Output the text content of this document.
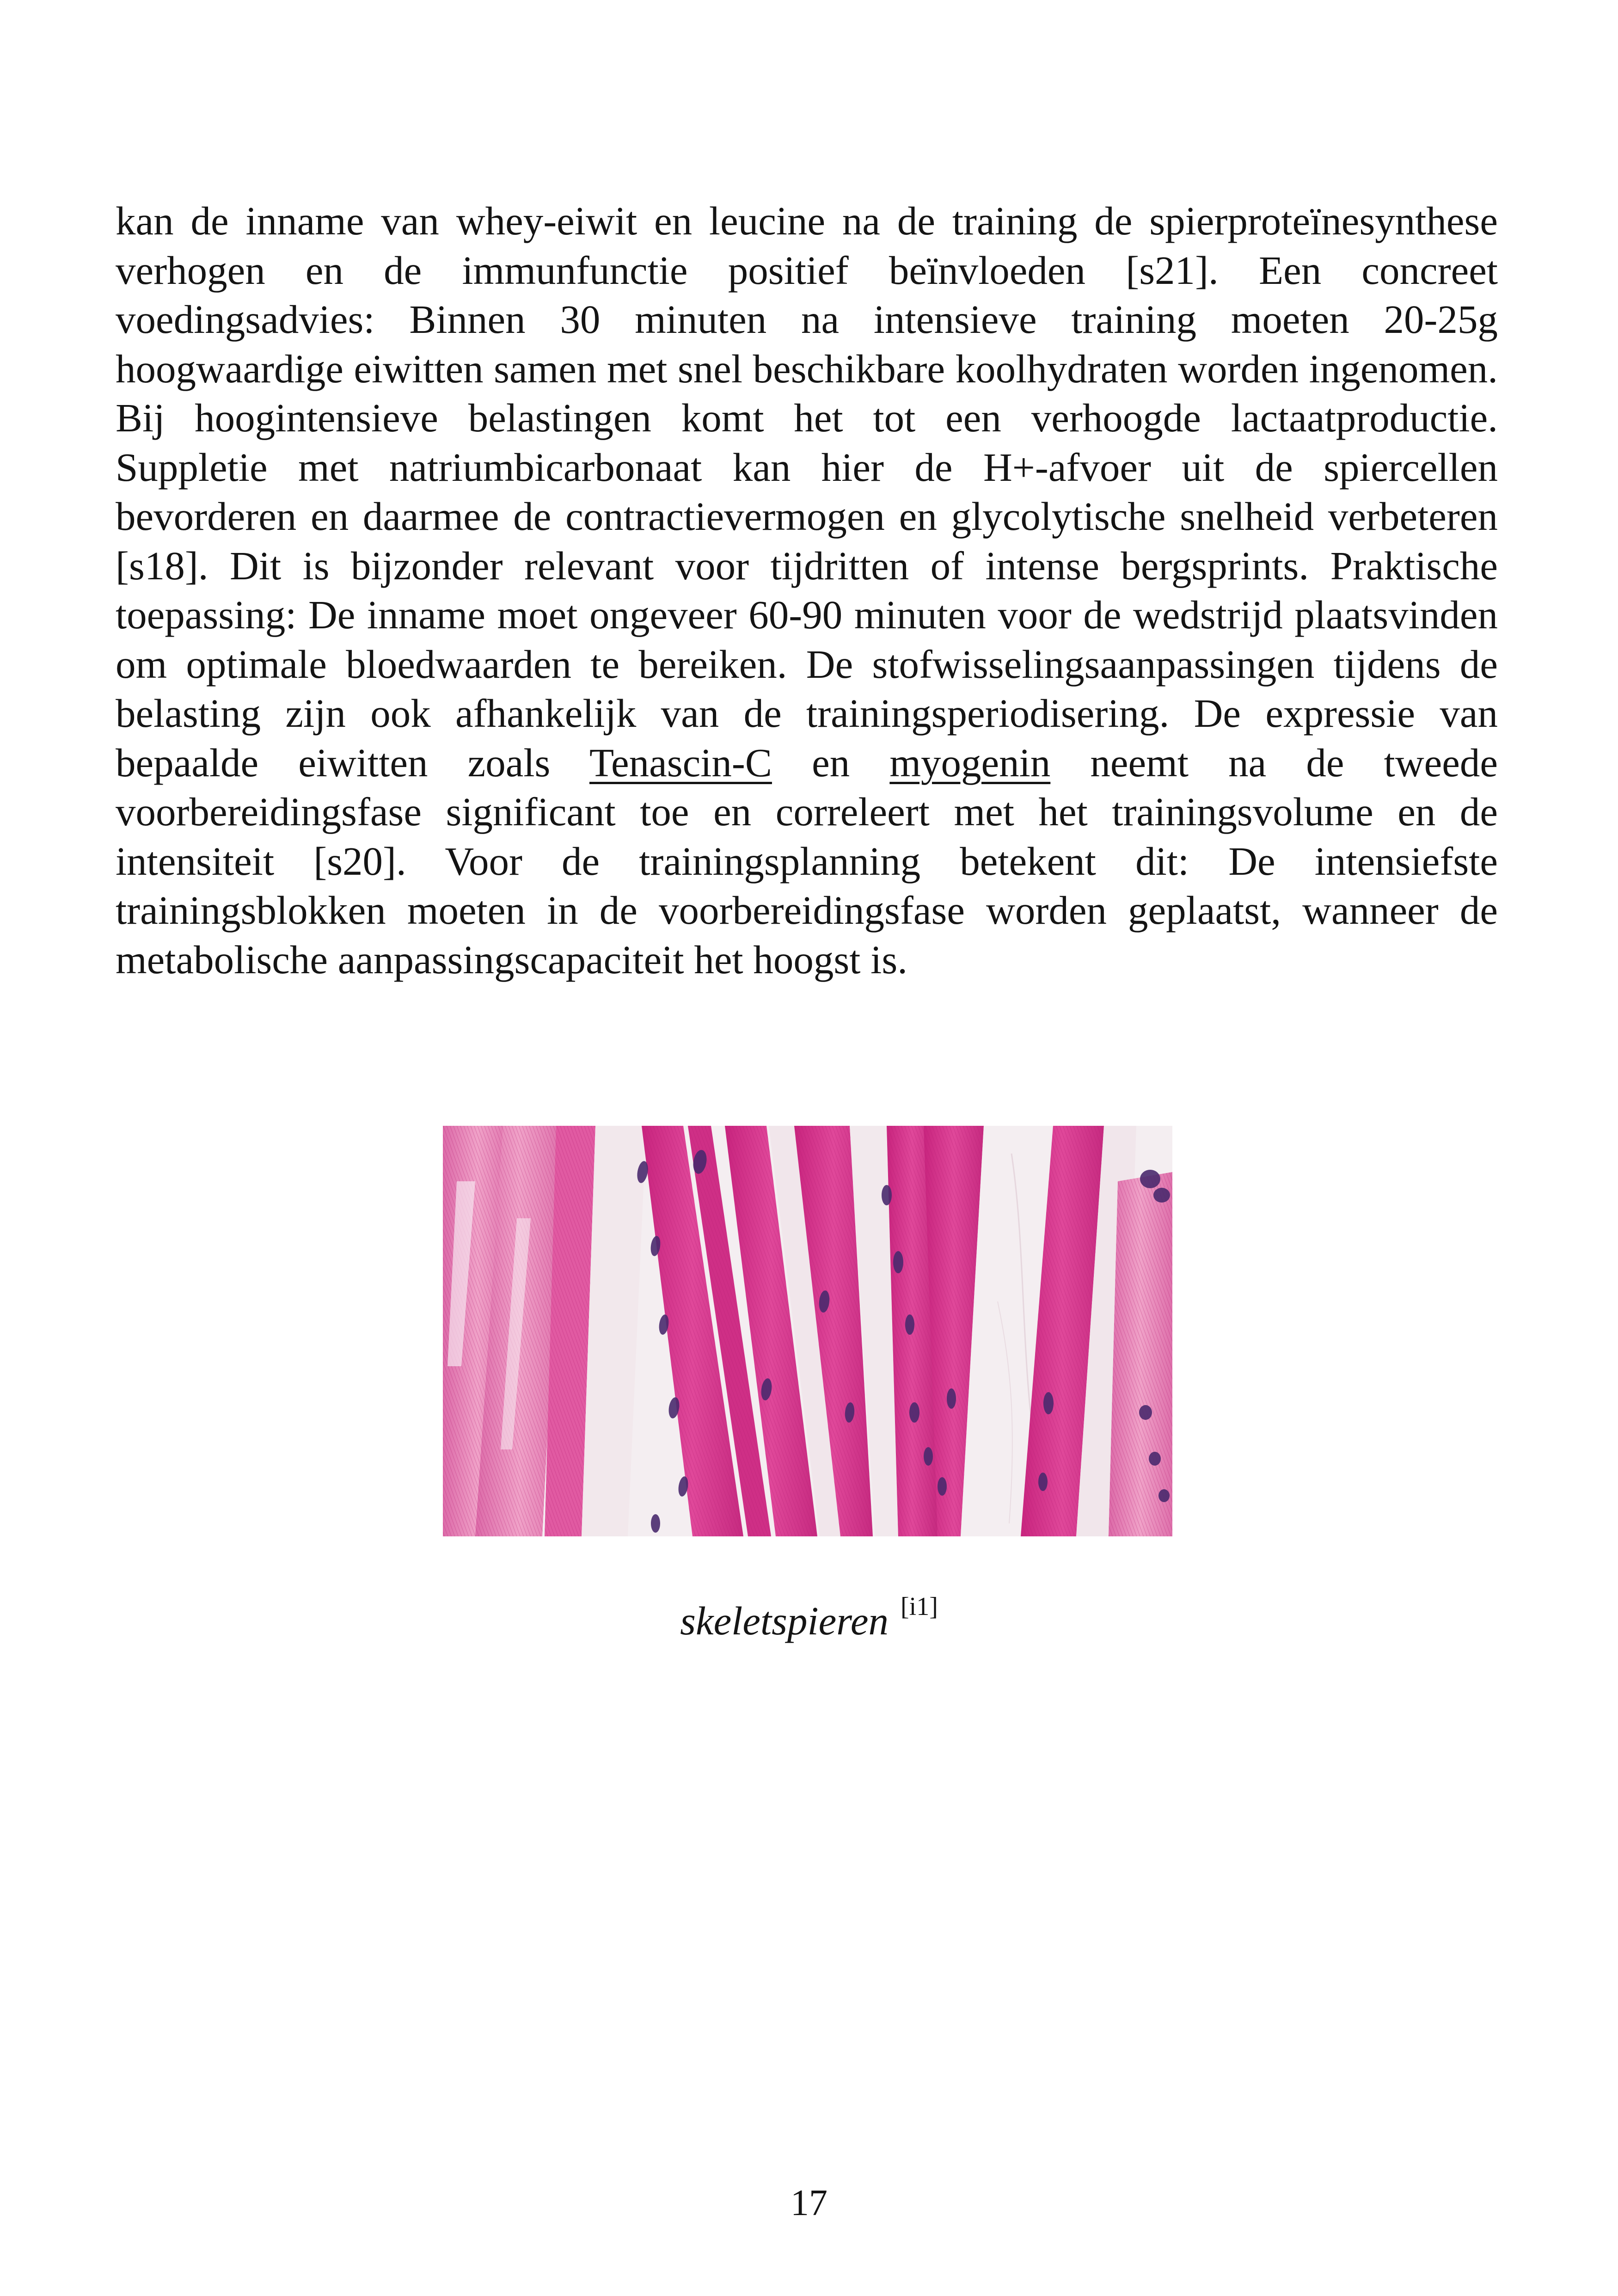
kan de inname van whey-eiwit en leucine na de training de spierproteïnesynthese verhogen en de immunfunctie positief beïnvloeden [s21]. Een concreet voedingsadvies: Binnen 30 minuten na intensieve training moeten 20-25g hoogwaardige eiwitten samen met snel beschikbare koolhydraten worden ingenomen. Bij hoogintensieve belastingen komt het tot een verhoogde lactaatproductie. Suppletie met natriumbicarbonaat kan hier de H+-afvoer uit de spiercellen bevorderen en daarmee de contractievermogen en glycolytische snelheid verbeteren [s18]. Dit is bijzonder relevant voor tijdritten of intense bergsprints. Praktische toepassing: De inname moet ongeveer 60-90 minuten voor de wedstrijd plaatsvinden om optimale bloedwaarden te bereiken. De stofwisselingsaanpassingen tijdens de belasting zijn ook afhankelijk van de trainingsperiodisering. De expressie van bepaalde eiwitten zoals Tenascin-C en myogenin neemt na de tweede voorbereidingsfase significant toe en correleert met het trainingsvolume en de intensiteit [s20]. Voor de trainingsplanning betekent dit: De intensiefste trainingsblokken moeten in de voorbereidingsfase worden geplaatst, wanneer de metabolische aanpassingscapaciteit het hoogst is.

skeletspieren [i1]

17
